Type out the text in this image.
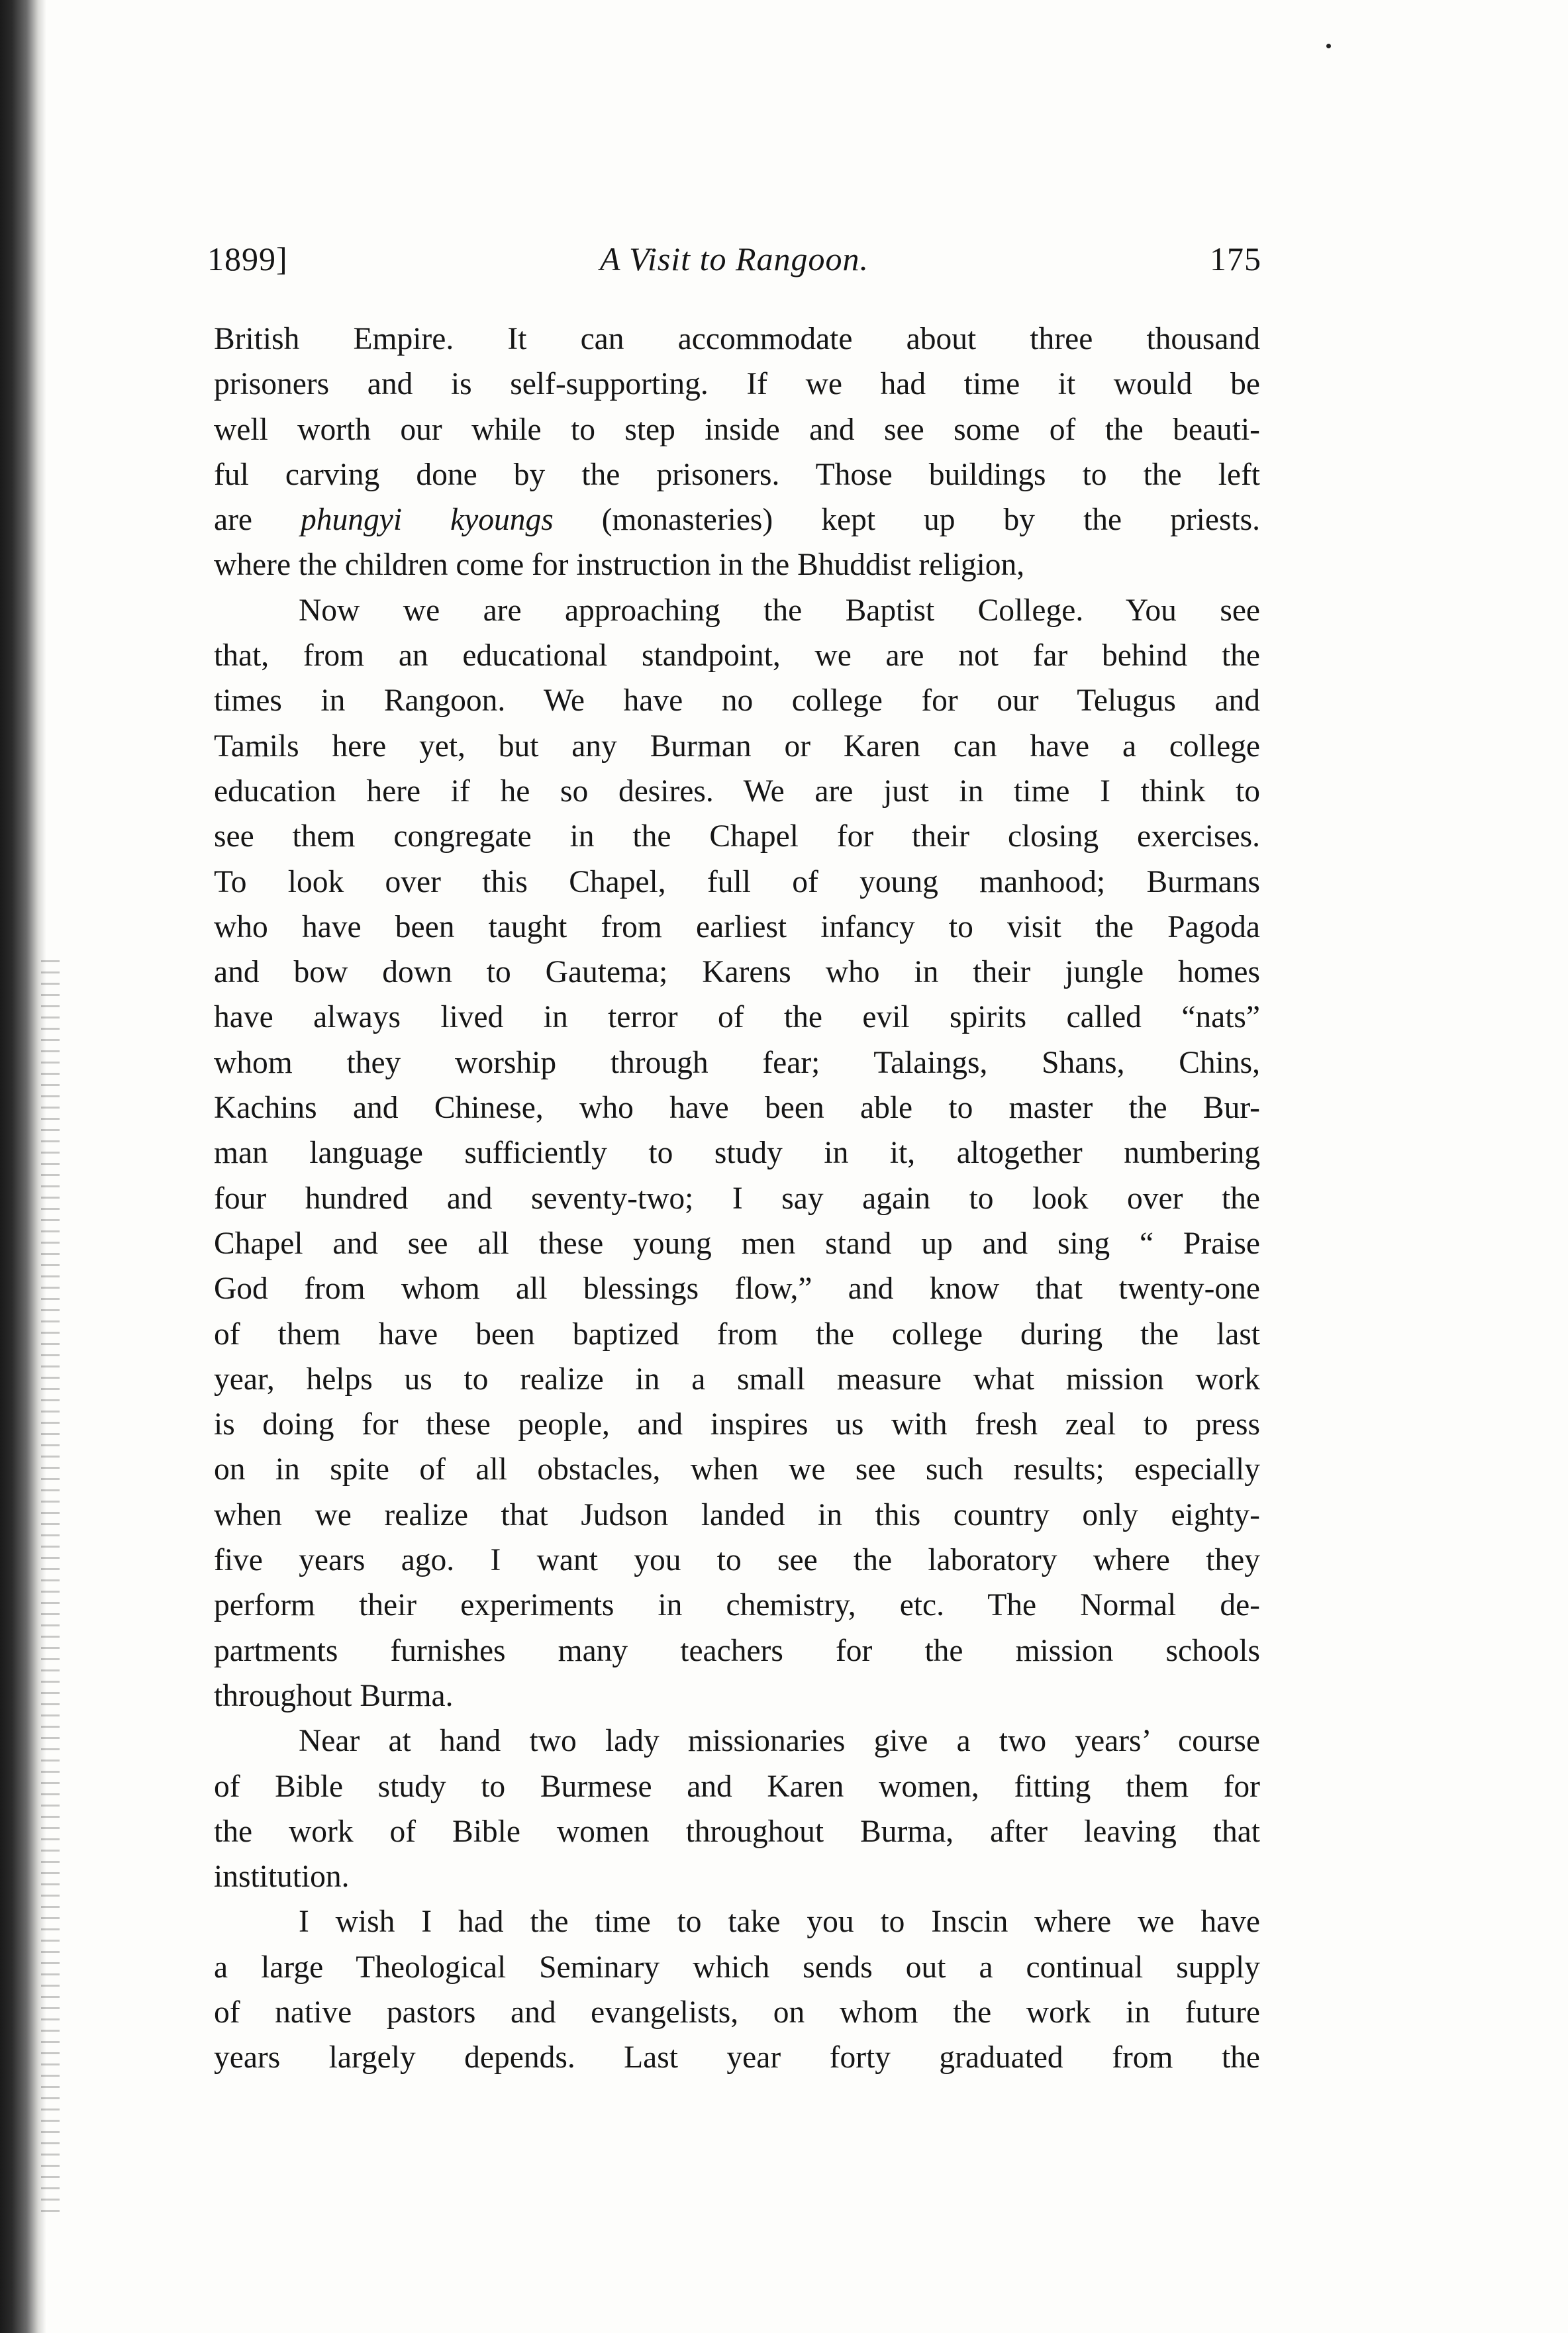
1899]	A Visit to Rangoon.	175
British Empire. It can accommodate about three thousand
prisoners and is self-supporting. If we had time it would be
well worth our while to step inside and see some of the beauti-
ful carving done by the prisoners. Those buildings to the left
are phungyi kyoungs (monasteries) kept up by the priests.
where the children come for instruction in the Bhuddist religion,
Now we are approaching the Baptist College. You see
that, from an educational standpoint, we are not far behind the
times in Rangoon. We have no college for our Telugus and
Tamils here yet, but any Burman or Karen can have a college
education here if he so desires. We are just in time I think to
see them congregate in the Chapel for their closing exercises.
To look over this Chapel, full of young manhood; Burmans
who have been taught from earliest infancy to visit the Pagoda
and bow down to Gautema; Karens who in their jungle homes
have always lived in terror of the evil spirits called “nats”
whom they worship through fear; Talaings, Shans, Chins,
Kachins and Chinese, who have been able to master the Bur-
man language sufficiently to study in it, altogether numbering
four hundred and seventy-two; I say again to look over the
Chapel and see all these young men stand up and sing “ Praise
God from whom all blessings flow,” and know that twenty-one
of them have been baptized from the college during the last
year, helps us to realize in a small measure what mission work
is doing for these people, and inspires us with fresh zeal to press
on in spite of all obstacles, when we see such results; especially
when we realize that Judson landed in this country only eighty-
five years ago. I want you to see the laboratory where they
perform their experiments in chemistry, etc. The Normal de-
partments furnishes many teachers for the mission schools
throughout Burma.
Near at hand two lady missionaries give a two years’ course
of Bible study to Burmese and Karen women, fitting them for
the work of Bible women throughout Burma, after leaving that
institution.
I wish I had the time to take you to Inscin where we have
a large Theological Seminary which sends out a continual supply
of native pastors and evangelists, on whom the work in future
years largely depends. Last year forty graduated from the
